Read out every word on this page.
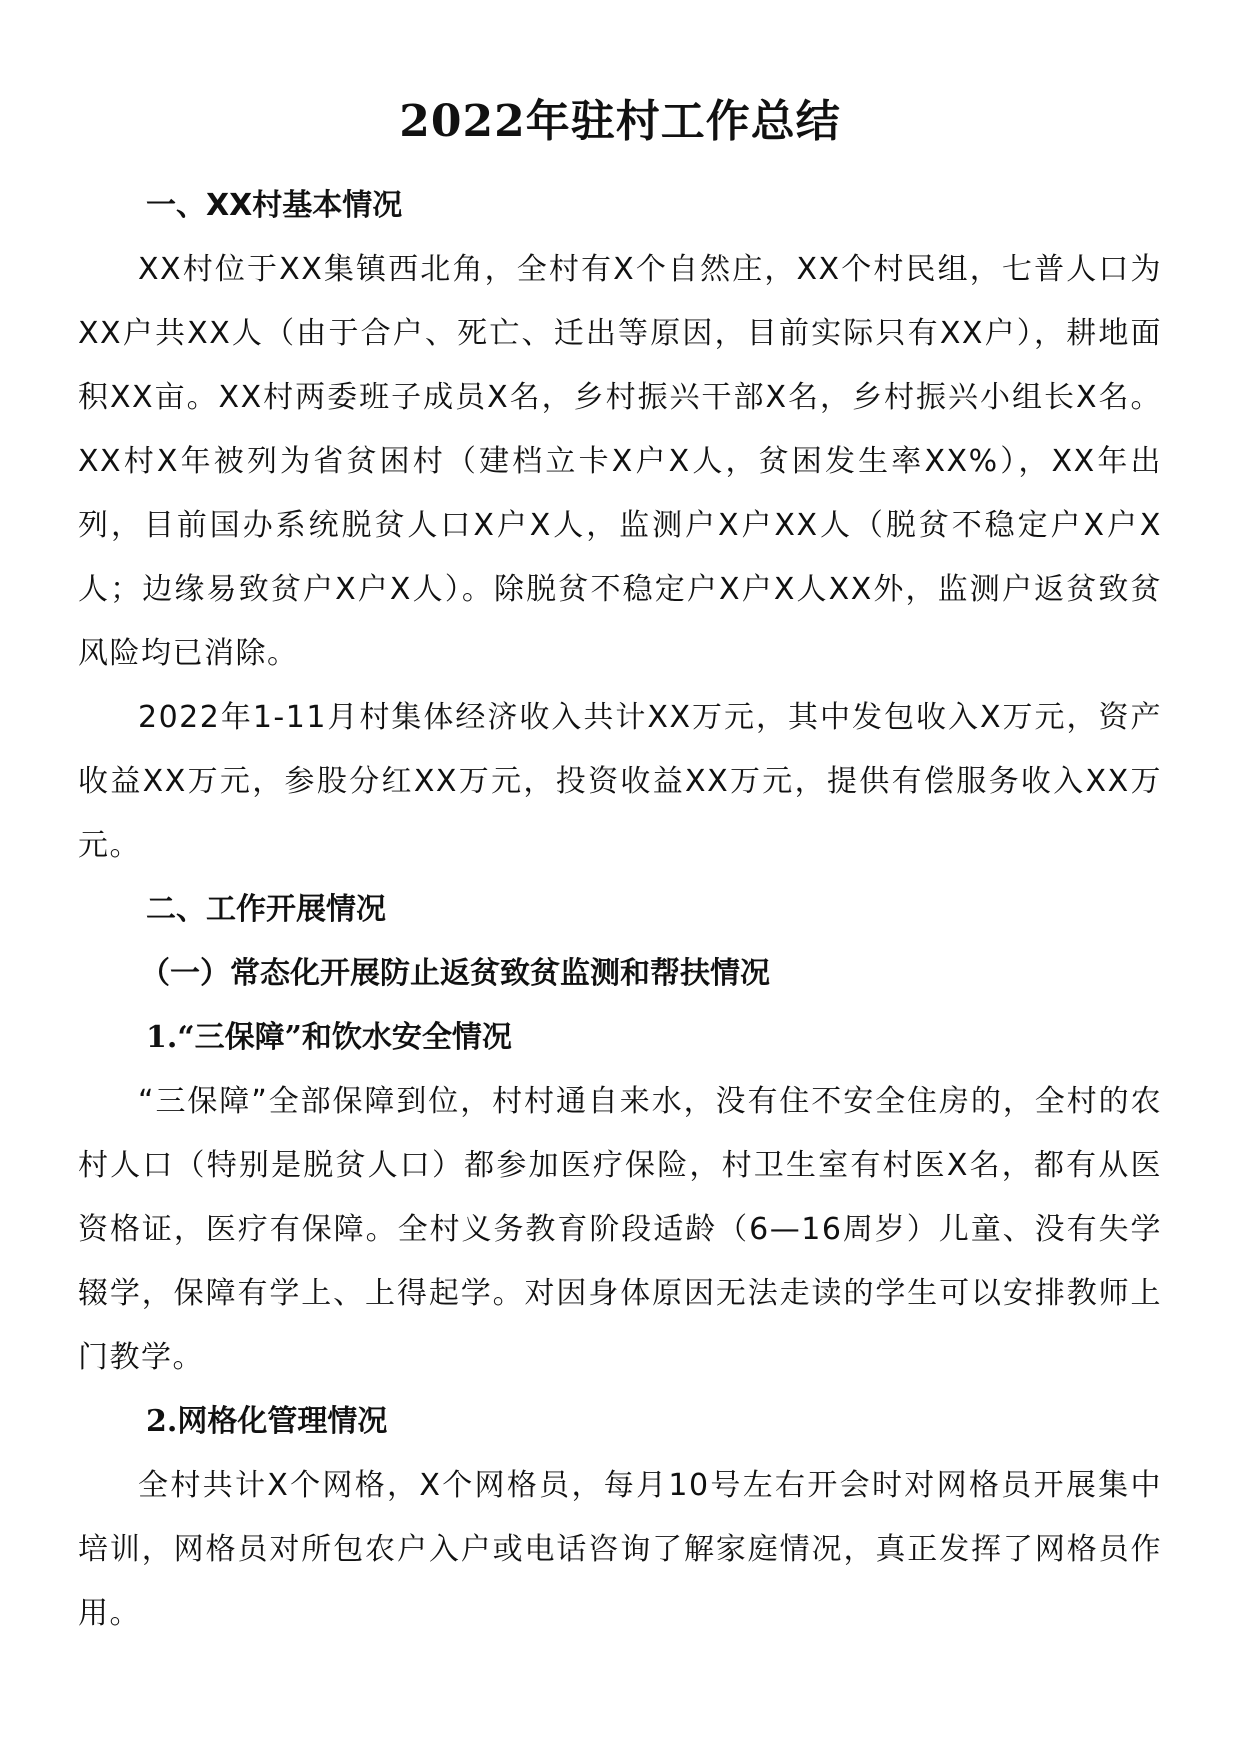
2022年驻村工作总结
一、XX村基本情况

XX村位于XX集镇西北角，全村有X个自然庄，XX个村民组，七普人口为XX户共XX人（由于合户、死亡、迁出等原因，目前实际只有XX户），耕地面积XX亩。XX村两委班子成员X名，乡村振兴干部X名，乡村振兴小组长X名。XX村X年被列为省贫困村（建档立卡X户X人，贫困发生率XX%），XX年出列，目前国办系统脱贫人口X户X人，监测户X户XX人（脱贫不稳定户X户X人；边缘易致贫户X户X人）。除脱贫不稳定户X户X人XX外，监测户返贫致贫风险均已消除。

2022年1-11月村集体经济收入共计XX万元，其中发包收入X万元，资产收益XX万元，参股分红XX万元，投资收益XX万元，提供有偿服务收入XX万元。

二、工作开展情况
（一）常态化开展防止返贫致贫监测和帮扶情况
1.“三保障”和饮水安全情况

“三保障”全部保障到位，村村通自来水，没有住不安全住房的，全村的农村人口（特别是脱贫人口）都参加医疗保险，村卫生室有村医X名，都有从医资格证，医疗有保障。全村义务教育阶段适龄（6—16周岁）儿童、没有失学辍学，保障有学上、上得起学。对因身体原因无法走读的学生可以安排教师上门教学。

2.网格化管理情况

全村共计X个网格，X个网格员，每月10号左右开会时对网格员开展集中培训，网格员对所包农户入户或电话咨询了解家庭情况，真正发挥了网格员作用。
